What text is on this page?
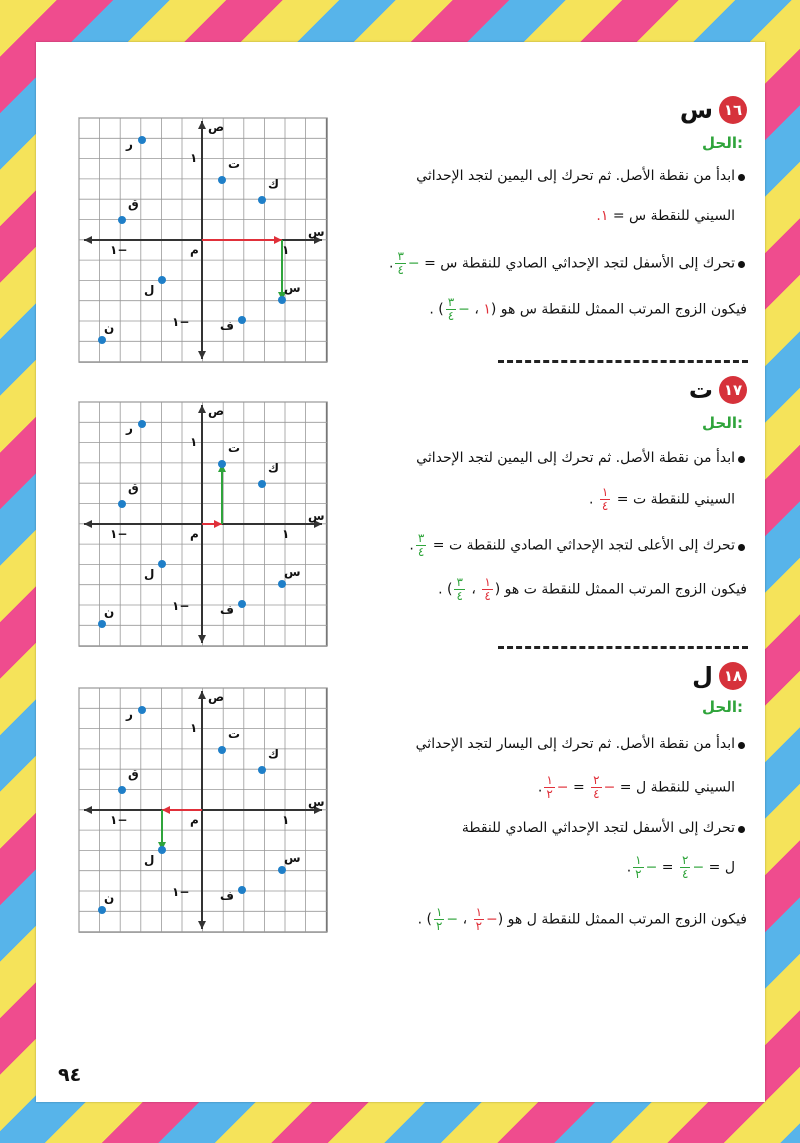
ص
س
م	١
١
١−
١−
س
ت
ك
ر
ق
ل
ف
ن
ص
س
م	١
١
١−
١−
س
ت
ك
ر
ق
ل
ف
ن
ص
س
م	١
١
١−
١−
س
ت
ك
ر
ق
ل
ف
ن
١٦
س
الحل:
ابدأ من نقطة الأصل. ثم تحرك إلى اليمين لتجد الإحداثي
السيني للنقطة س = ١.
تحرك إلى الأسفل لتجد الإحداثي الصادي للنقطة س = −
$\frac{٣}{٤}$
.
فيكون الزوج المرتب الممثل للنقطة س هو (١ ، −
$\frac{٣}{٤}$
) .
١٧
ت
الحل:
ابدأ من نقطة الأصل. ثم تحرك إلى اليمين لتجد الإحداثي
السيني للنقطة ت =
$\frac{١}{٤}$
.
تحرك إلى الأعلى لتجد الإحداثي الصادي للنقطة ت =
$\frac{٣}{٤}$
.
فيكون الزوج المرتب الممثل للنقطة ت هو (
$\frac{١}{٤}$
،
$\frac{٣}{٤}$
) .
١٨
ل
الحل:
ابدأ من نقطة الأصل. ثم تحرك إلى اليسار لتجد الإحداثي
السيني للنقطة ل = −
$\frac{٢}{٤}$
= −
$\frac{١}{٢}$
.
تحرك إلى الأسفل لتجد الإحداثي الصادي للنقطة
ل = −
$\frac{٢}{٤}$
= −
$\frac{١}{٢}$
.
فيكون الزوج المرتب الممثل للنقطة ل هو (−
$\frac{١}{٢}$
، −
$\frac{١}{٢}$
) .
٩٤
